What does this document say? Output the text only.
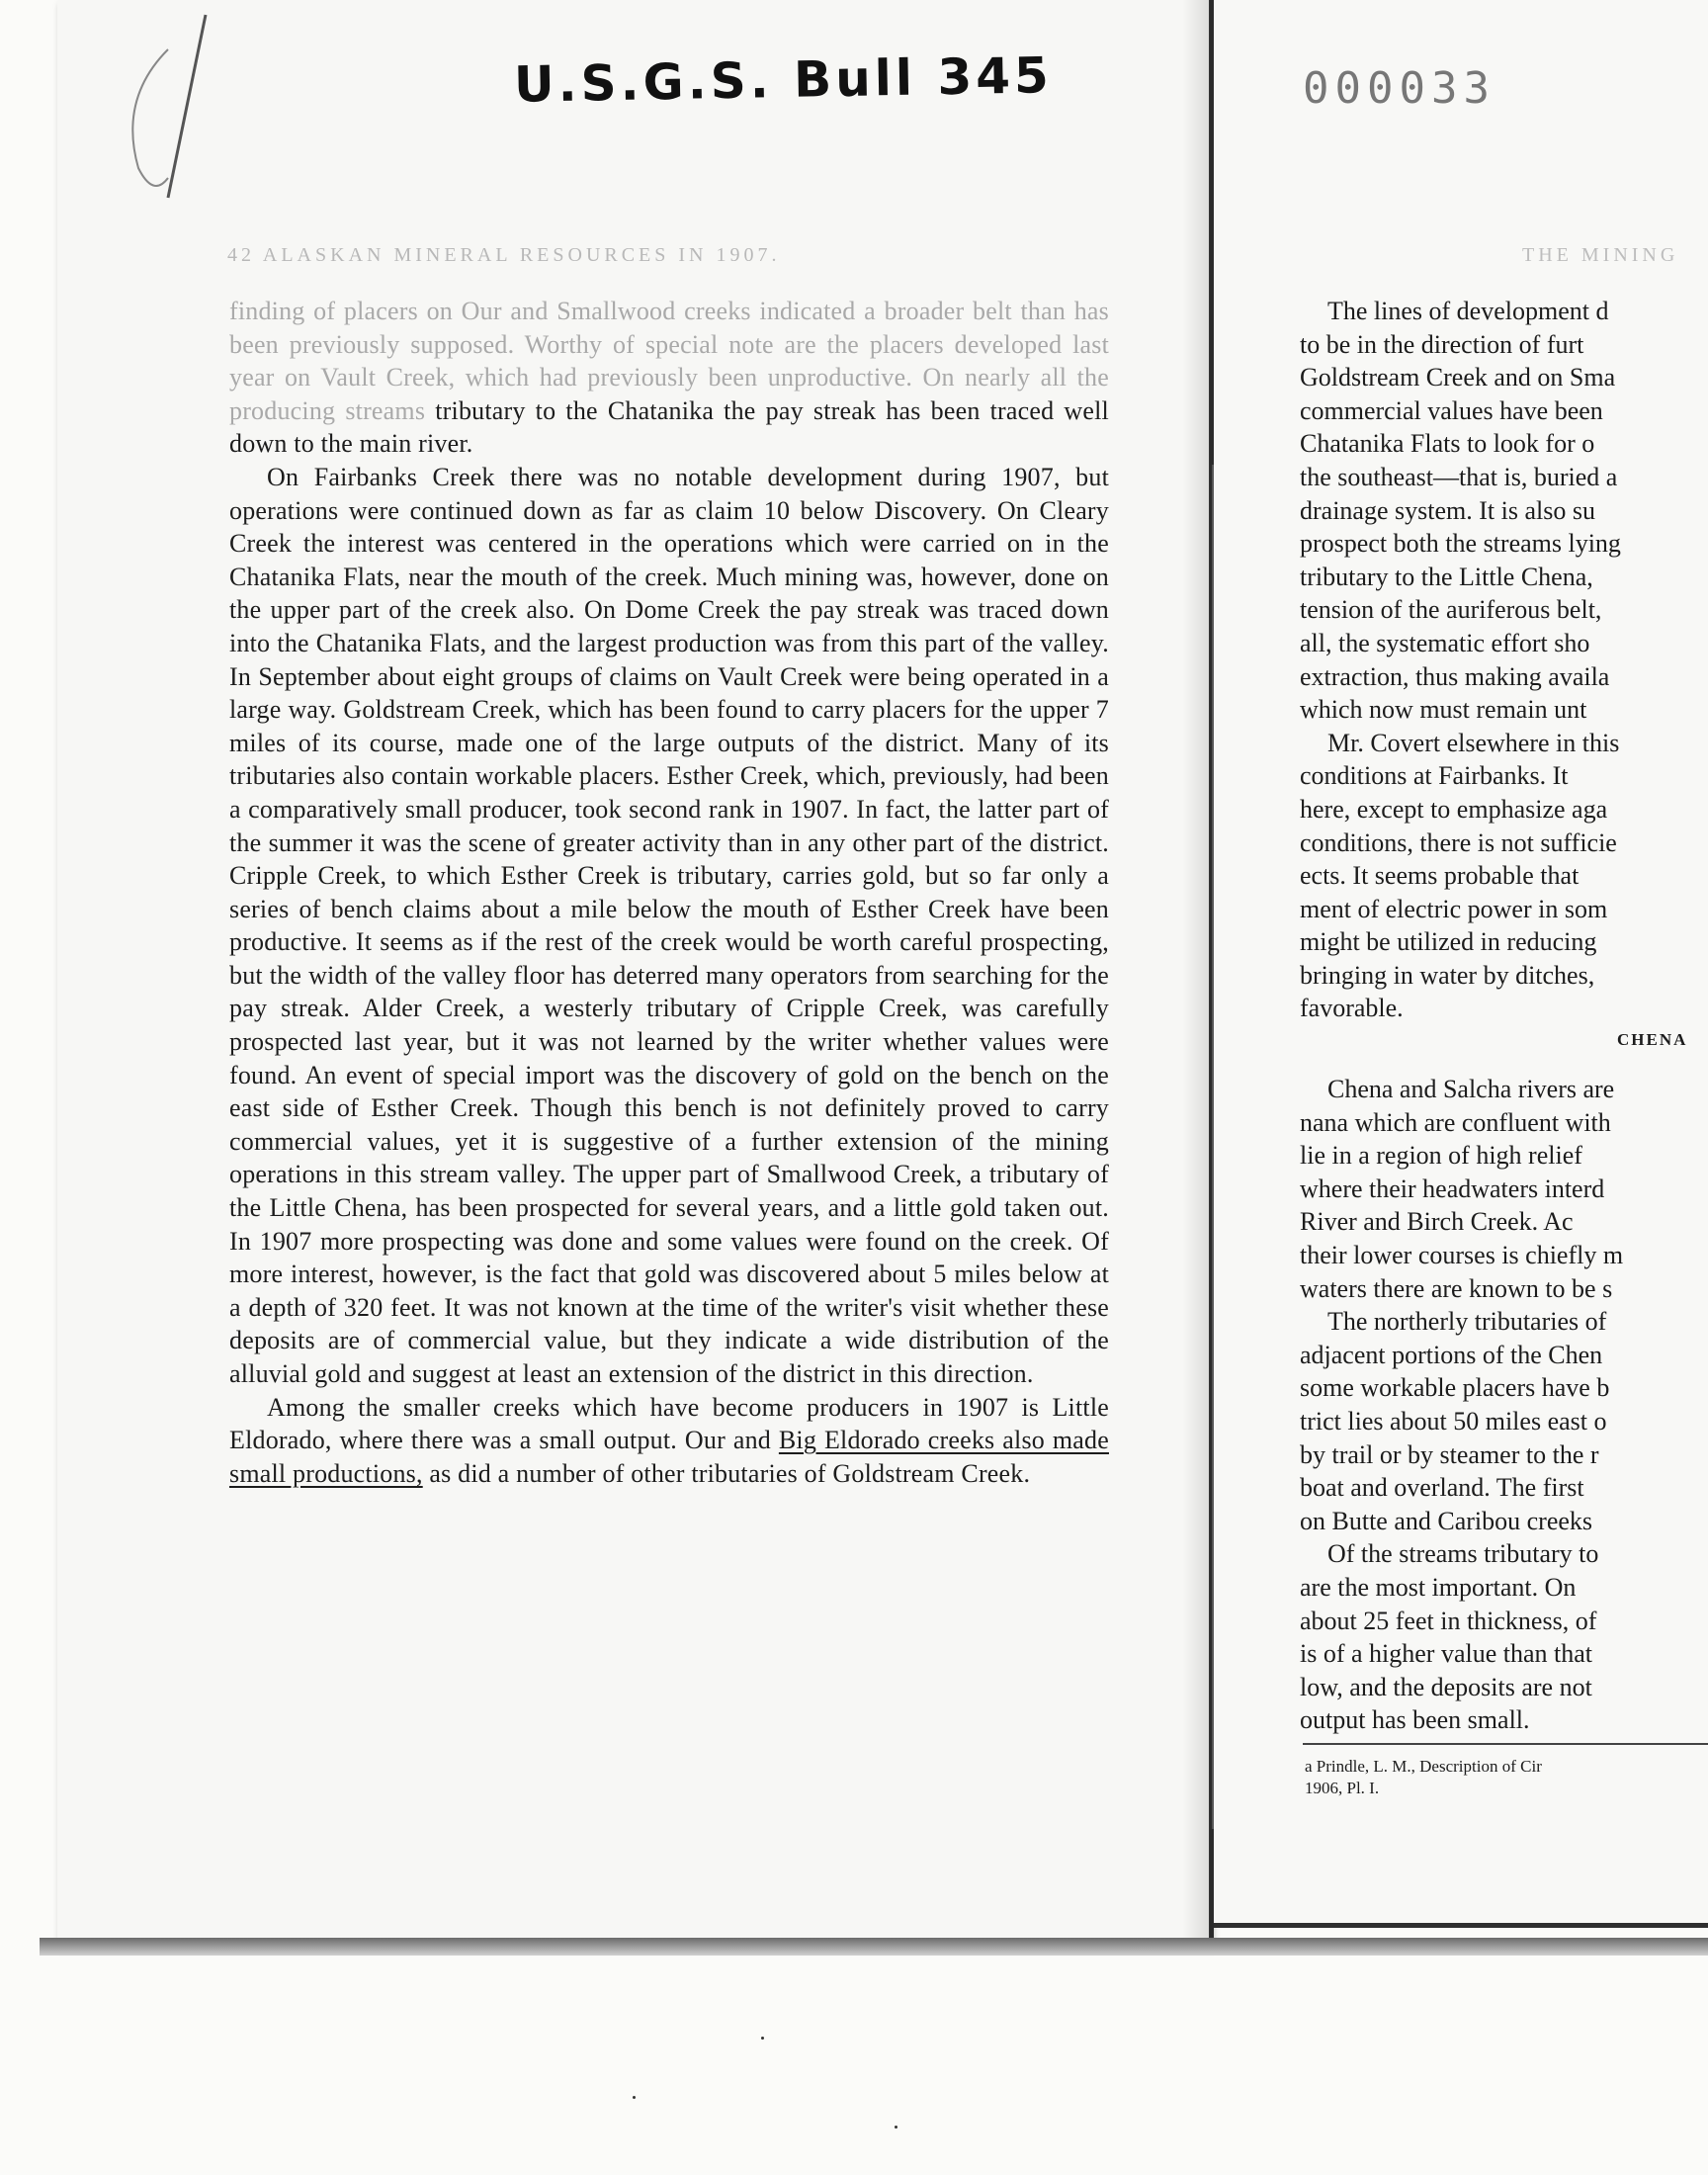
U.S.G.S. Bull 345	000033
42 ALASKAN MINERAL RESOURCES IN 1907.	THE MINING

finding of placers on Our and Smallwood creeks indicated a broader belt than has been previously supposed. Worthy of special note are the placers developed last year on Vault Creek, which had previously been unproductive. On nearly all the producing streams tributary to the Chatanika the pay streak has been traced well down to the main river.

On Fairbanks Creek there was no notable development during 1907, but operations were continued down as far as claim 10 below Discovery. On Cleary Creek the interest was centered in the operations which were carried on in the Chatanika Flats, near the mouth of the creek. Much mining was, however, done on the upper part of the creek also. On Dome Creek the pay streak was traced down into the Chatanika Flats, and the largest production was from this part of the valley. In September about eight groups of claims on Vault Creek were being operated in a large way. Goldstream Creek, which has been found to carry placers for the upper 7 miles of its course, made one of the large outputs of the district. Many of its tributaries also contain workable placers. Esther Creek, which, previously, had been a comparatively small producer, took second rank in 1907. In fact, the latter part of the summer it was the scene of greater activity than in any other part of the district. Cripple Creek, to which Esther Creek is tributary, carries gold, but so far only a series of bench claims about a mile below the mouth of Esther Creek have been productive. It seems as if the rest of the creek would be worth careful prospecting, but the width of the valley floor has deterred many operators from searching for the pay streak. Alder Creek, a westerly tributary of Cripple Creek, was carefully prospected last year, but it was not learned by the writer whether values were found. An event of special import was the discovery of gold on the bench on the east side of Esther Creek. Though this bench is not definitely proved to carry commercial values, yet it is suggestive of a further extension of the mining operations in this stream valley. The upper part of Smallwood Creek, a tributary of the Little Chena, has been prospected for several years, and a little gold taken out. In 1907 more prospecting was done and some values were found on the creek. Of more interest, however, is the fact that gold was discovered about 5 miles below at a depth of 320 feet. It was not known at the time of the writer's visit whether these deposits are of commercial value, but they indicate a wide distribution of the alluvial gold and suggest at least an extension of the district in this direction.

Among the smaller creeks which have become producers in 1907 is Little Eldorado, where there was a small output. Our and Big Eldorado creeks also made small productions, as did a number of other tributaries of Goldstream Creek.

The lines of development d
to be in the direction of furt
Goldstream Creek and on Sma
commercial values have been
Chatanika Flats to look for o
the southeast—that is, buried a
drainage system. It is also su
prospect both the streams lying
tributary to the Little Chena,
tension of the auriferous belt,
all, the systematic effort sho
extraction, thus making availa
which now must remain unt
Mr. Covert elsewhere in this
conditions at Fairbanks. It
here, except to emphasize aga
conditions, there is not sufficie
ects. It seems probable that
ment of electric power in som
might be utilized in reducing
bringing in water by ditches,
favorable.
CHENA
Chena and Salcha rivers are
nana which are confluent with
lie in a region of high relief
where their headwaters interd
River and Birch Creek. Ac
their lower courses is chiefly m
waters there are known to be s
The northerly tributaries of
adjacent portions of the Chen
some workable placers have b
trict lies about 50 miles east o
by trail or by steamer to the r
boat and overland. The first
on Butte and Caribou creeks
Of the streams tributary to
are the most important. On
about 25 feet in thickness, of
is of a higher value than that
low, and the deposits are not
output has been small.
a Prindle, L. M., Description of Cir
1906, Pl. I.
